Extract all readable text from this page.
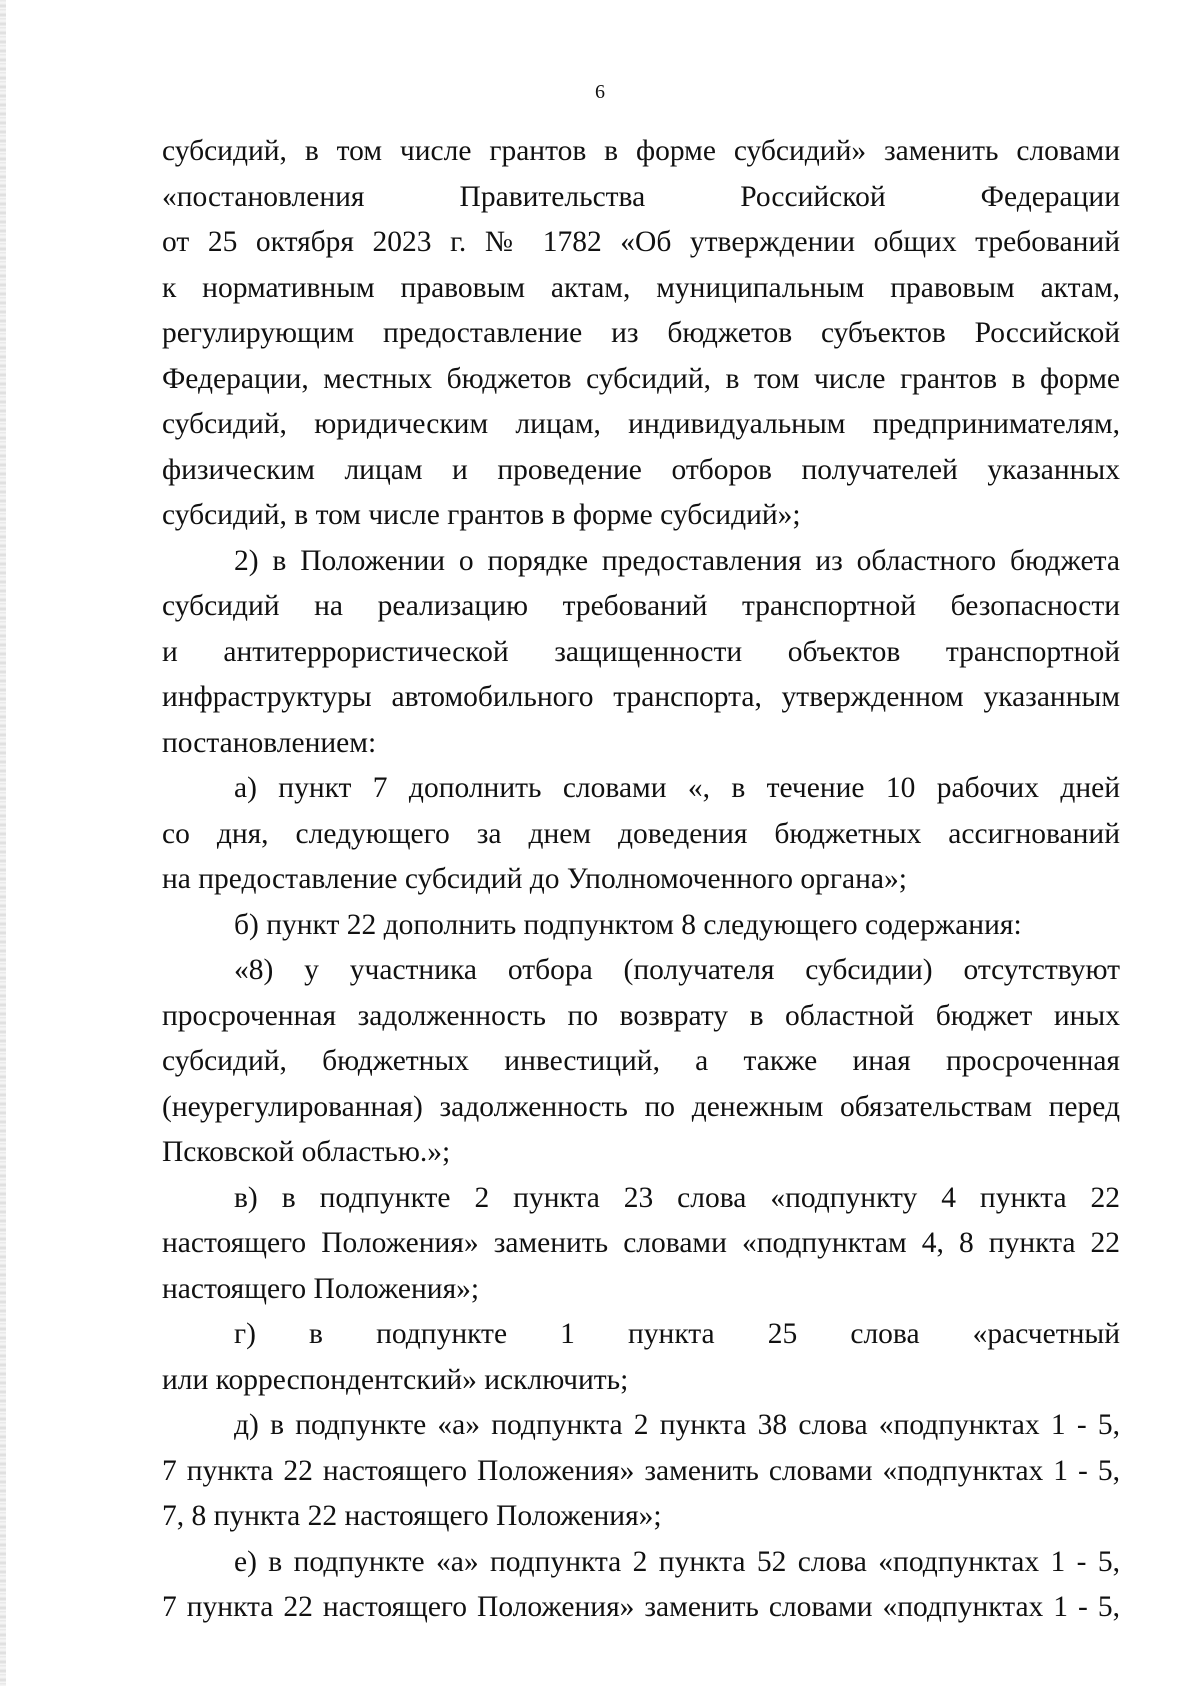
6
субсидий, в том числе грантов в форме субсидий» заменить словами
«постановления Правительства Российской Федерации
от 25 октября 2023 г. № 1782 «Об утверждении общих требований
к нормативным правовым актам, муниципальным правовым актам,
регулирующим предоставление из бюджетов субъектов Российской
Федерации, местных бюджетов субсидий, в том числе грантов в форме
субсидий, юридическим лицам, индивидуальным предпринимателям,
физическим лицам и проведение отборов получателей указанных
субсидий, в том числе грантов в форме субсидий»;
2) в Положении о порядке предоставления из областного бюджета
субсидий на реализацию требований транспортной безопасности
и антитеррористической защищенности объектов транспортной
инфраструктуры автомобильного транспорта, утвержденном указанным
постановлением:
а) пункт 7 дополнить словами «, в течение 10 рабочих дней
со дня, следующего за днем доведения бюджетных ассигнований
на предоставление субсидий до Уполномоченного органа»;
б) пункт 22 дополнить подпунктом 8 следующего содержания:
«8) у участника отбора (получателя субсидии) отсутствуют
просроченная задолженность по возврату в областной бюджет иных
субсидий, бюджетных инвестиций, а также иная просроченная
(неурегулированная) задолженность по денежным обязательствам перед
Псковской областью.»;
в) в подпункте 2 пункта 23 слова «подпункту 4 пункта 22
настоящего Положения» заменить словами «подпунктам 4, 8 пункта 22
настоящего Положения»;
г) в подпункте 1 пункта 25 слова «расчетный
или корреспондентский» исключить;
д) в подпункте «а» подпункта 2 пункта 38 слова «подпунктах 1 - 5,
7 пункта 22 настоящего Положения» заменить словами «подпунктах 1 - 5,
7, 8 пункта 22 настоящего Положения»;
е) в подпункте «а» подпункта 2 пункта 52 слова «подпунктах 1 - 5,
7 пункта 22 настоящего Положения» заменить словами «подпунктах 1 - 5,
